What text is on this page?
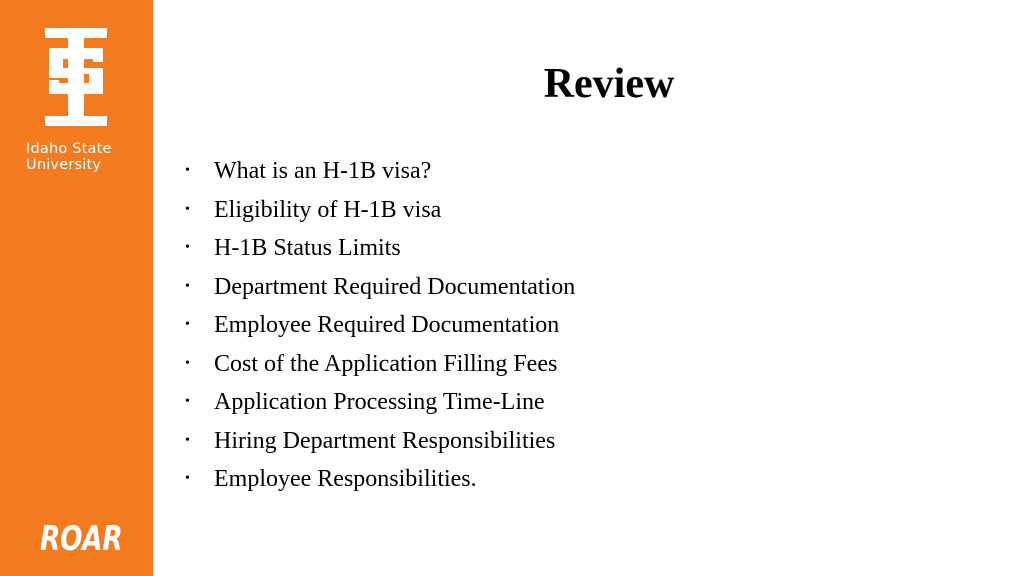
Idaho State
University
ROAR
Review
• What is an H-1B visa?
• Eligibility of H-1B visa
• H-1B Status Limits
• Department Required Documentation
• Employee Required Documentation
• Cost of the Application Filling Fees
• Application Processing Time-Line
• Hiring Department Responsibilities
• Employee Responsibilities.
